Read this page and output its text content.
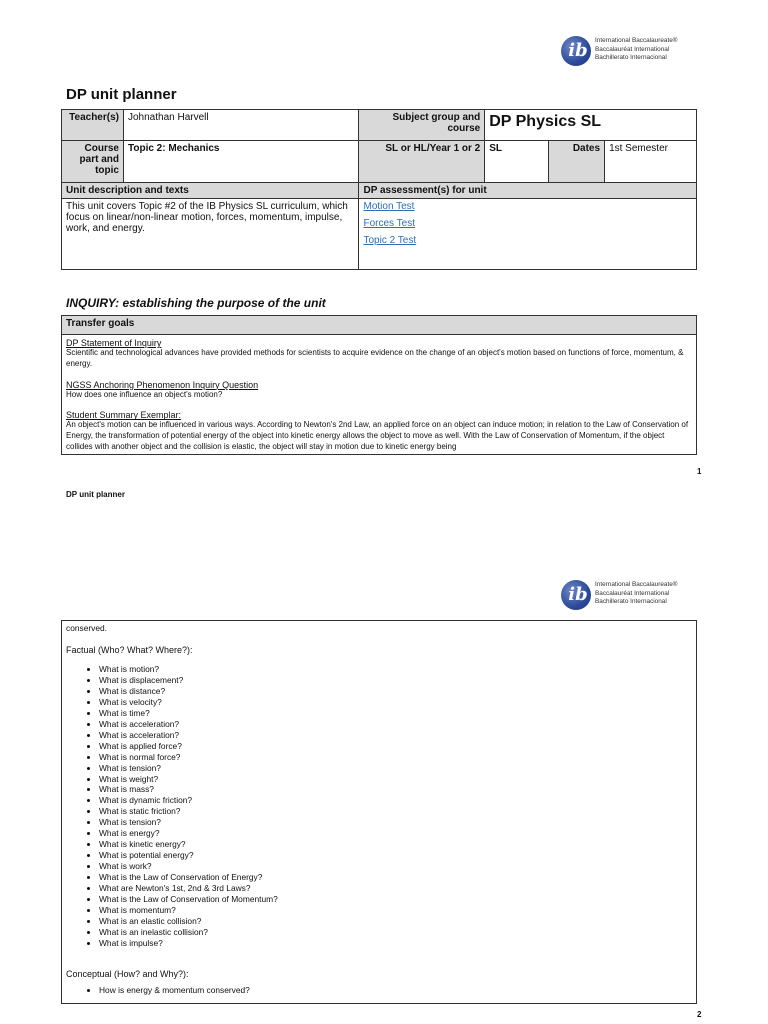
ib	International Baccalaureate®
Baccalauréat International
Bachillerato Internacional
DP unit planner
Teacher(s)	Johnathan Harvell	Subject group and course	DP Physics SL		
Course part and topic	Topic 2: Mechanics	SL or HL/Year 1 or 2	SL	Dates	1st Semester
Unit description and texts		DP assessment(s) for unit			
This unit covers Topic #2 of the IB Physics SL curriculum, which focus on linear/non-linear motion, forces, momentum, impulse, work, and energy.		Motion Test
Forces Test
Topic 2 Test			
INQUIRY: establishing the purpose of the unit
Transfer goals
DP Statement of Inquiry
Scientific and technological advances have provided methods for scientists to acquire evidence on the change of an object's motion based on functions of force, momentum, & energy.
NGSS Anchoring Phenomenon Inquiry Question
How does one influence an object's motion?
Student Summary Exemplar:
An object's motion can be influenced in various ways. According to Newton's 2nd Law, an applied force on an object can induce motion; in relation to the Law of Conservation of Energy, the transformation of potential energy of the object into kinetic energy allows the object to move as well. With the Law of Conservation of Momentum, if the object collides with another object and the collision is elastic, the object will stay in motion due to kinetic energy being
1
DP unit planner
ib	International Baccalaureate®
Baccalauréat International
Bachillerato Internacional
conserved.
Factual (Who? What? Where?):
• What is motion?
• What is displacement?
• What is distance?
• What is velocity?
• What is time?
• What is acceleration?
• What is acceleration?
• What is applied force?
• What is normal force?
• What is tension?
• What is weight?
• What is mass?
• What is dynamic friction?
• What is static friction?
• What is tension?
• What is energy?
• What is kinetic energy?
• What is potential energy?
• What is work?
• What is the Law of Conservation of Energy?
• What are Newton's 1st, 2nd & 3rd Laws?
• What is the Law of Conservation of Momentum?
• What is momentum?
• What is an elastic collision?
• What is an inelastic collision?
• What is impulse?
Conceptual (How? and Why?):
• How is energy & momentum conserved?
2
